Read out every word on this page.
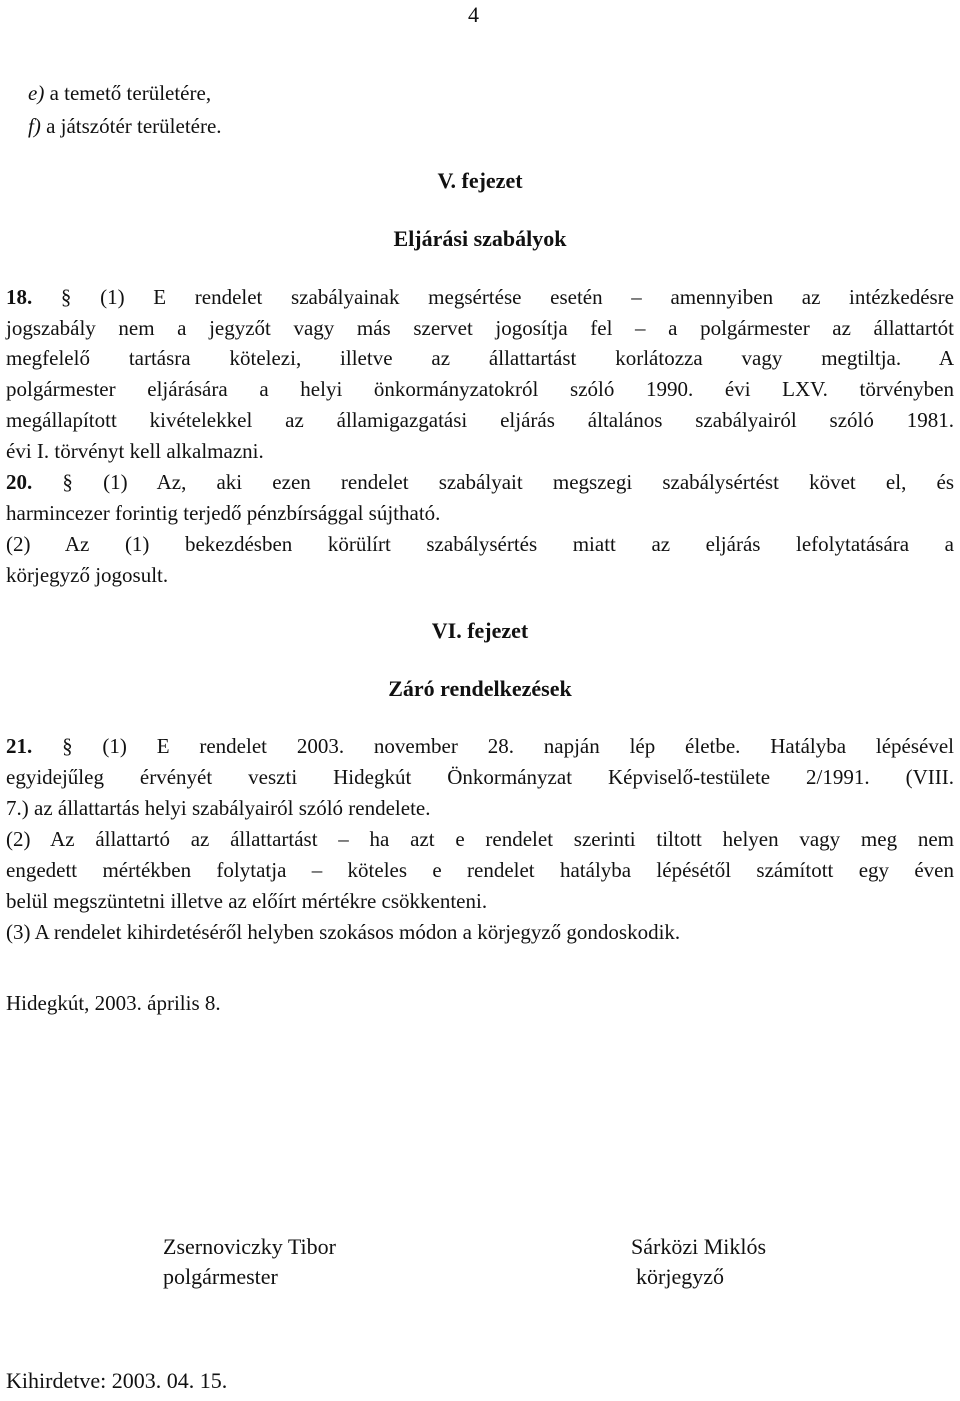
4
e) a temető területére,
f) a játszótér területére.
V. fejezet
Eljárási szabályok
18. § (1) E rendelet szabályainak megsértése esetén – amennyiben az intézkedésre
jogszabály nem a jegyzőt vagy más szervet jogosítja fel – a polgármester az állattartót
megfelelő tartásra kötelezi, illetve az állattartást korlátozza vagy megtiltja. A
polgármester eljárására a helyi önkormányzatokról szóló 1990. évi LXV. törvényben
megállapított kivételekkel az államigazgatási eljárás általános szabályairól szóló 1981.
évi I. törvényt kell alkalmazni.
20. § (1) Az, aki ezen rendelet szabályait megszegi szabálysértést követ el, és
harmincezer forintig terjedő pénzbírsággal sújtható.
(2) Az (1) bekezdésben körülírt szabálysértés miatt az eljárás lefolytatására a
körjegyző jogosult.
VI. fejezet
Záró rendelkezések
21. § (1) E rendelet 2003. november 28. napján lép életbe. Hatályba lépésével
egyidejűleg érvényét veszti Hidegkút Önkormányzat Képviselő-testülete 2/1991. (VIII.
7.) az állattartás helyi szabályairól szóló rendelete.
(2) Az állattartó az állattartást – ha azt e rendelet szerinti tiltott helyen vagy meg nem
engedett mértékben folytatja – köteles e rendelet hatályba lépésétől számított egy éven
belül megszüntetni illetve az előírt mértékre csökkenteni.
(3) A rendelet kihirdetéséről helyben szokásos módon a körjegyző gondoskodik.
Hidegkút, 2003. április 8.
Zsernoviczky Tibor
polgármester
Sárközi Miklós
körjegyző
Kihirdetve: 2003. 04. 15.
